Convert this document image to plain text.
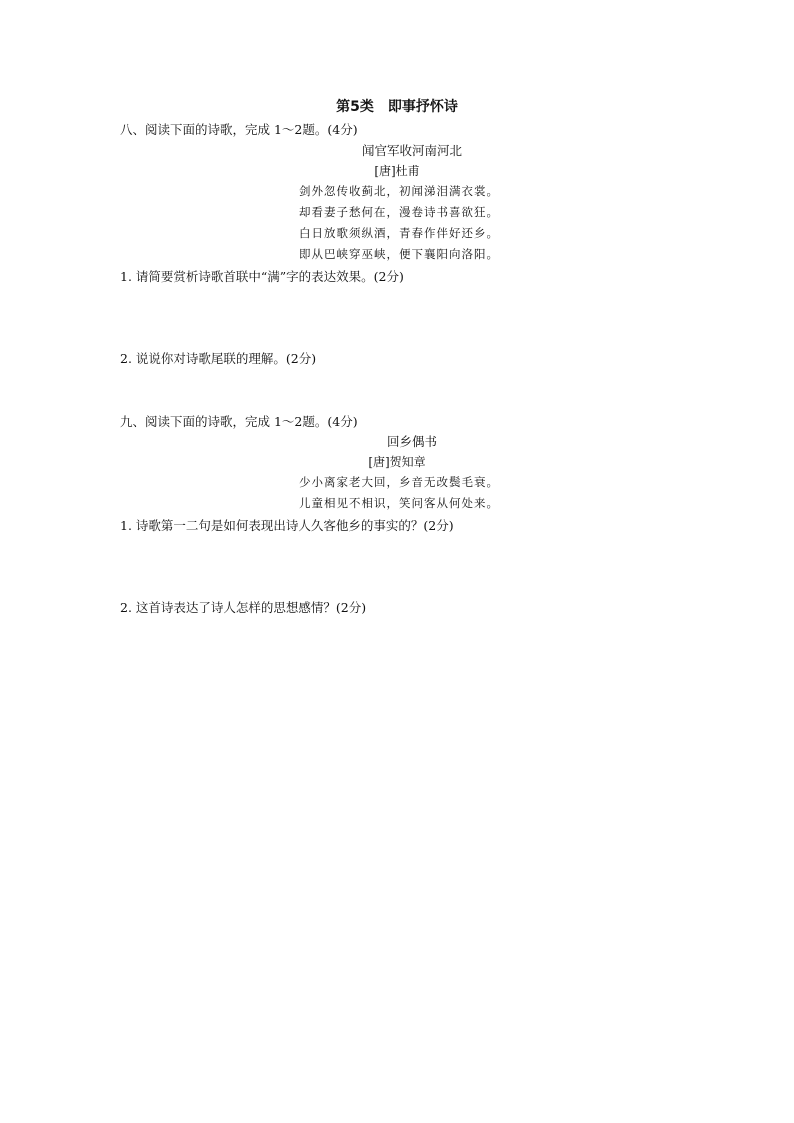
第5类　即事抒怀诗
八、阅读下面的诗歌，完成 1～2题。(4分)
闻官军收河南河北
[唐]杜甫
剑外忽传收蓟北，初闻涕泪满衣裳。
却看妻子愁何在，漫卷诗书喜欲狂。
白日放歌须纵酒，青春作伴好还乡。
即从巴峡穿巫峡，便下襄阳向洛阳。
1. 请简要赏析诗歌首联中“满”字的表达效果。(2分)
2. 说说你对诗歌尾联的理解。(2分)
九、阅读下面的诗歌，完成 1～2题。(4分)
回乡偶书
[唐]贺知章
少小离家老大回，乡音无改鬓毛衰。
儿童相见不相识，笑问客从何处来。
1. 诗歌第一二句是如何表现出诗人久客他乡的事实的？(2分)
2. 这首诗表达了诗人怎样的思想感情？(2分)
